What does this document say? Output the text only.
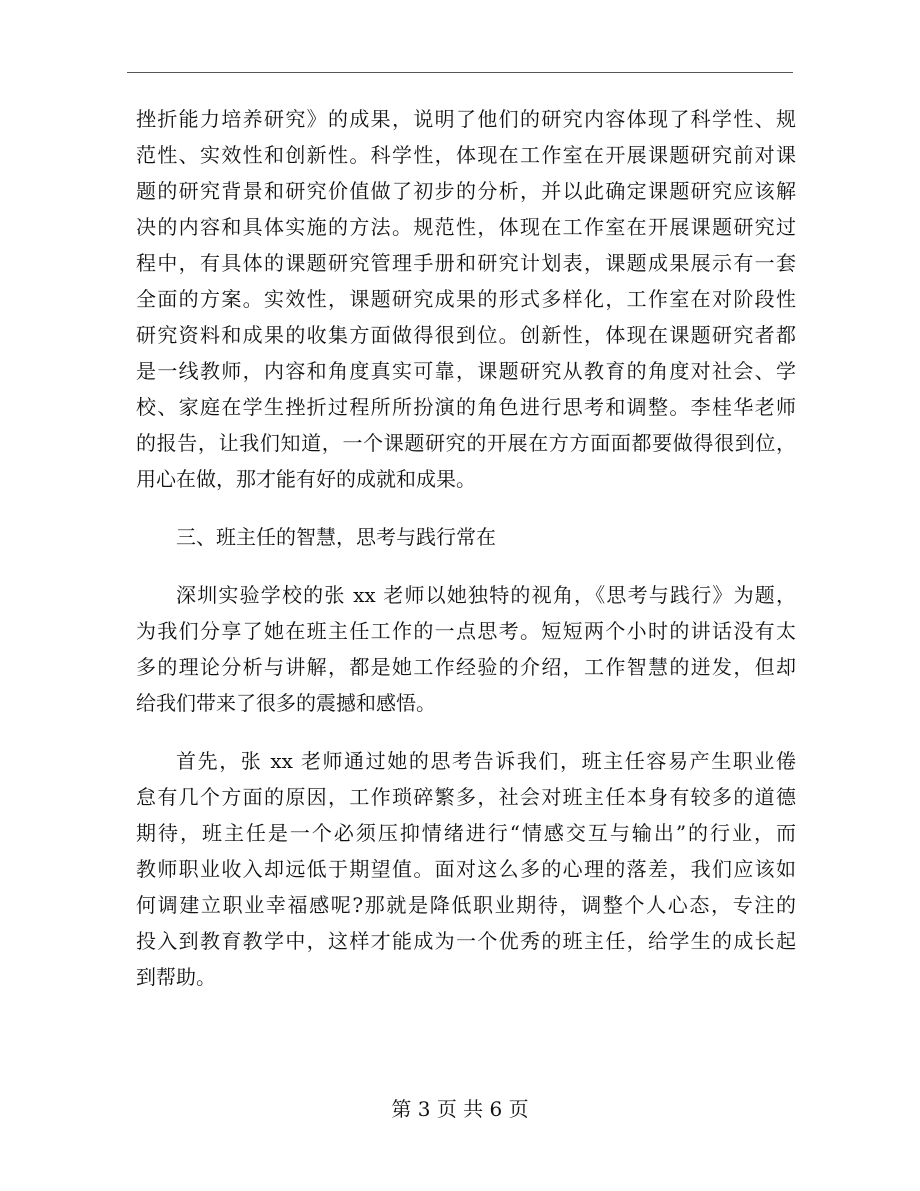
挫折能力培养研究》的成果，说明了他们的研究内容体现了科学性、规
范性、实效性和创新性。科学性，体现在工作室在开展课题研究前对课
题的研究背景和研究价值做了初步的分析，并以此确定课题研究应该解
决的内容和具体实施的方法。规范性，体现在工作室在开展课题研究过
程中，有具体的课题研究管理手册和研究计划表，课题成果展示有一套
全面的方案。实效性，课题研究成果的形式多样化，工作室在对阶段性
研究资料和成果的收集方面做得很到位。创新性，体现在课题研究者都
是一线教师，内容和角度真实可靠，课题研究从教育的角度对社会、学
校、家庭在学生挫折过程所所扮演的角色进行思考和调整。李桂华老师
的报告，让我们知道，一个课题研究的开展在方方面面都要做得很到位，
用心在做，那才能有好的成就和成果。
三、班主任的智慧，思考与践行常在
深圳实验学校的张 xx 老师以她独特的视角，《思考与践行》为题，
为我们分享了她在班主任工作的一点思考。短短两个小时的讲话没有太
多的理论分析与讲解，都是她工作经验的介绍，工作智慧的迸发，但却
给我们带来了很多的震撼和感悟。
首先，张 xx 老师通过她的思考告诉我们，班主任容易产生职业倦
怠有几个方面的原因，工作琐碎繁多，社会对班主任本身有较多的道德
期待，班主任是一个必须压抑情绪进行“情感交互与输出”的行业，而
教师职业收入却远低于期望值。面对这么多的心理的落差，我们应该如
何调建立职业幸福感呢?那就是降低职业期待，调整个人心态，专注的
投入到教育教学中，这样才能成为一个优秀的班主任，给学生的成长起
到帮助。
第 3 页 共 6 页
